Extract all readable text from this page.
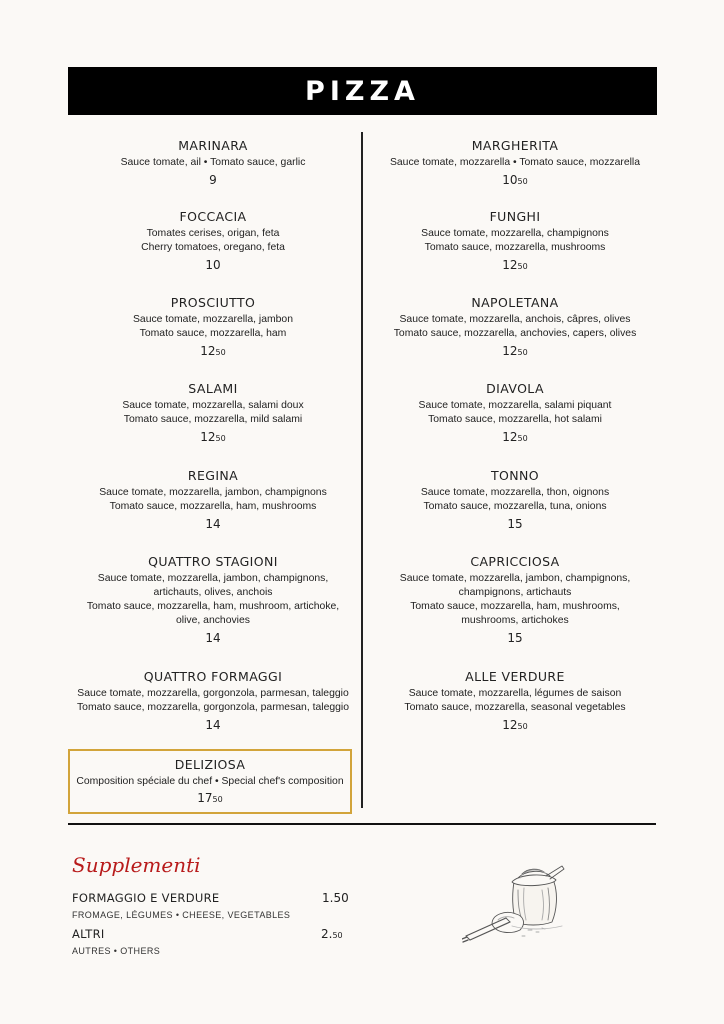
PIZZA
MARINARA
Sauce tomate, ail • Tomato sauce, garlic
9
FOCCACIA
Tomates cerises, origan, feta
Cherry tomatoes, oregano, feta
10
PROSCIUTTO
Sauce tomate, mozzarella, jambon
Tomato sauce, mozzarella, ham
1250
SALAMI
Sauce tomate, mozzarella, salami doux
Tomato sauce, mozzarella, mild salami
1250
REGINA
Sauce tomate, mozzarella, jambon, champignons
Tomato sauce, mozzarella, ham, mushrooms
14
QUATTRO STAGIONI
Sauce tomate, mozzarella, jambon, champignons,
artichauts, olives, anchois
Tomato sauce, mozzarella, ham, mushroom, artichoke,
olive, anchovies
14
QUATTRO FORMAGGI
Sauce tomate, mozzarella, gorgonzola, parmesan, taleggio
Tomato sauce, mozzarella, gorgonzola, parmesan, taleggio
14
MARGHERITA
Sauce tomate, mozzarella • Tomato sauce, mozzarella
1050
FUNGHI
Sauce tomate, mozzarella, champignons
Tomato sauce, mozzarella, mushrooms
1250
NAPOLETANA
Sauce tomate, mozzarella, anchois, câpres, olives
Tomato sauce, mozzarella, anchovies, capers, olives
1250
DIAVOLA
Sauce tomate, mozzarella, salami piquant
Tomato sauce, mozzarella, hot salami
1250
TONNO
Sauce tomate, mozzarella, thon, oignons
Tomato sauce, mozzarella, tuna, onions
15
CAPRICCIOSA
Sauce tomate, mozzarella, jambon, champignons,
champignons, artichauts
Tomato sauce, mozzarella, ham, mushrooms,
mushrooms, artichokes
15
ALLE VERDURE
Sauce tomate, mozzarella, légumes de saison
Tomato sauce, mozzarella, seasonal vegetables
1250
DELIZIOSA
Composition spéciale du chef • Special chef's composition
1750
Supplementi
FORMAGGIO E VERDURE
FROMAGE, LÉGUMES • CHEESE, VEGETABLES
1.50
ALTRI
AUTRES • OTHERS
2.50
